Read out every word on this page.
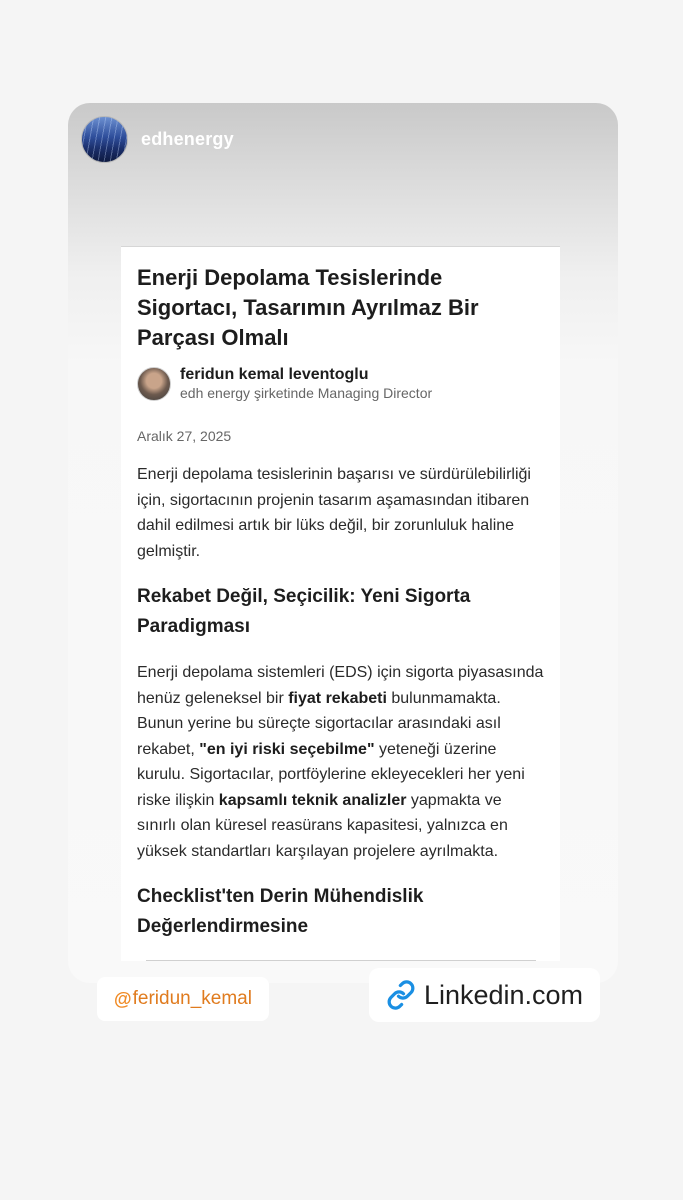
edhenergy
Enerji Depolama Tesislerinde Sigortacı, Tasarımın Ayrılmaz Bir Parçası Olmalı
feridun kemal leventoglu
edh energy şirketinde Managing Director
Aralık 27, 2025

Enerji depolama tesislerinin başarısı ve sürdürülebilirliği için, sigortacının projenin tasarım aşamasından itibaren dahil edilmesi artık bir lüks değil, bir zorunluluk haline gelmiştir.

Rekabet Değil, Seçicilik: Yeni Sigorta Paradigması

Enerji depolama sistemleri (EDS) için sigorta piyasasında henüz geleneksel bir fiyat rekabeti bulunmamakta. Bunun yerine bu süreçte sigortacılar arasındaki asıl rekabet, "en iyi riski seçebilme" yeteneği üzerine kurulu. Sigortacılar, portföylerine ekleyecekleri her yeni riske ilişkin kapsamlı teknik analizler yapmakta ve sınırlı olan küresel reasürans kapasitesi, yalnızca en yüksek standartları karşılayan projelere ayrılmakta.

Checklist'ten Derin Mühendislik Değerlendirmesine
@ feridun_kemal	Linkedin.com
